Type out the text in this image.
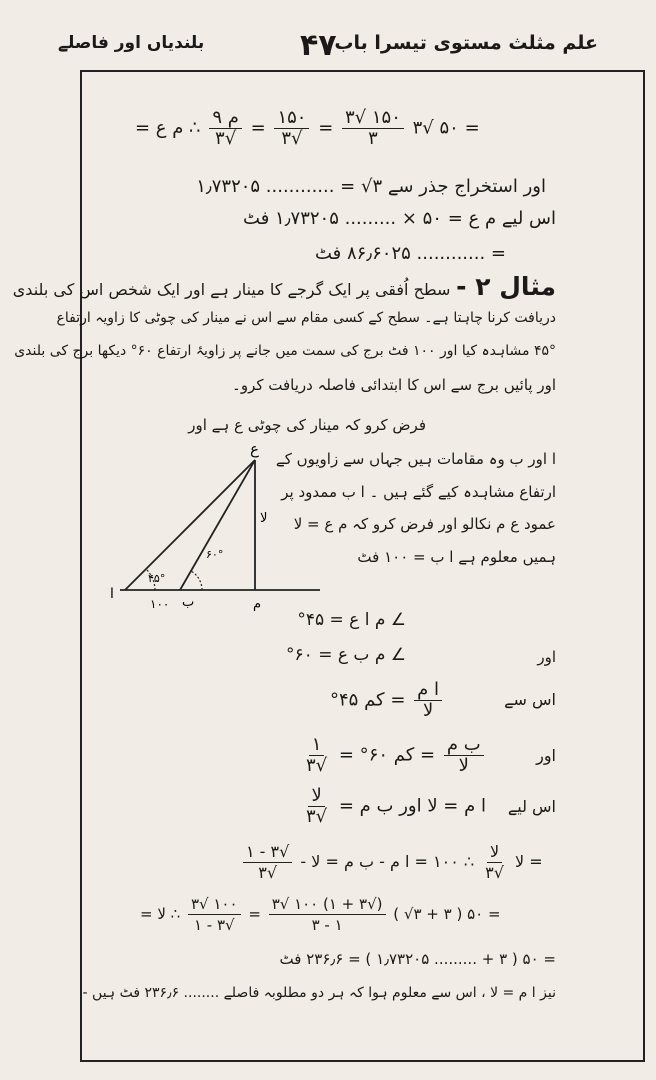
علم مثلث مستوی تیسرا باب
۴۷
بلندیاں اور فاصلے
= ۵۰ √۳
$\frac{۳√ ۱۵۰}{۳}$
=
$\frac{۱۵۰}{۳√}$
=
$\frac{\text{۹ م}}{۳√}$
∴ م ع =
اور استخراج جذر سے ۳√ = ............ ۱٫۷۳۲۰۵
اس لیے م ع = ۵۰ × ......... ۱٫۷۳۲۰۵ فٹ
= ............ ۸۶٫۶۰۲۵ فٹ
مثال ۲ - سطح اُفقی پر ایک گرجے کا مینار ہے اور ایک شخص اس کی بلندی
دریافت کرنا چاہتا ہے۔ سطح کے کسی مقام سے اس نے مینار کی چوٹی کا زاویہ ارتفاع
۴۵° مشاہدہ کیا اور ۱۰۰ فٹ برج کی سمت میں جانے پر زاویۂ ارتفاع ۶۰° دیکھا برج کی بلندی
اور پائیں برج سے اس کا ابتدائی فاصلہ دریافت کرو۔
فرض کرو کہ مینار کی چوٹی ع ہے اور
ا اور ب وہ مقامات ہیں جہاں سے زاویوں کے
ارتفاع مشاہدہ کیے گئے ہیں ۔ ا ب ممدود پر
عمود ع م نکالو اور فرض کرو کہ م ع = لا
ہمیں معلوم ہے ا ب = ۱۰۰ فٹ
ع
لا
۴۵°
۶۰°
ا
ب	م
۱۰۰
∠ م ا ع = ۴۵°
اور
∠ م ب ع = ۶۰°
اس سے
= کم ۴۵° $\frac{\text{ا م}}{\text{لا}}$
اور
$\frac{۱}{۳√}$ = کم ۶۰° = $\frac{\text{ب م}}{\text{لا}}$
اس لیے
$\frac{\text{لا}}{۳√}$ ا م = لا اور ب م =
$\frac{۱ - ۳√}{۳√}$	= لا
$\frac{\text{لا}}{۳√}$
∴ ۱۰۰ = ا م - ب م = لا -
= ۵۰ ( ۳ + ۳√ )
$\frac{۳√ ۱۰۰ (۱ + ۳√)}{۳ - ۱}$
=
$\frac{۳√ ۱۰۰}{۱ - ۳√}$
∴ لا =
= ۵۰ ( ۳ + ......... ۱٫۷۳۲۰۵ ) = ۲۳۶٫۶ فٹ
نیز ا م = لا ، اس سے معلوم ہوا کہ ہر دو مطلوبہ فاصلے ........ ۲۳۶٫۶ فٹ ہیں -
